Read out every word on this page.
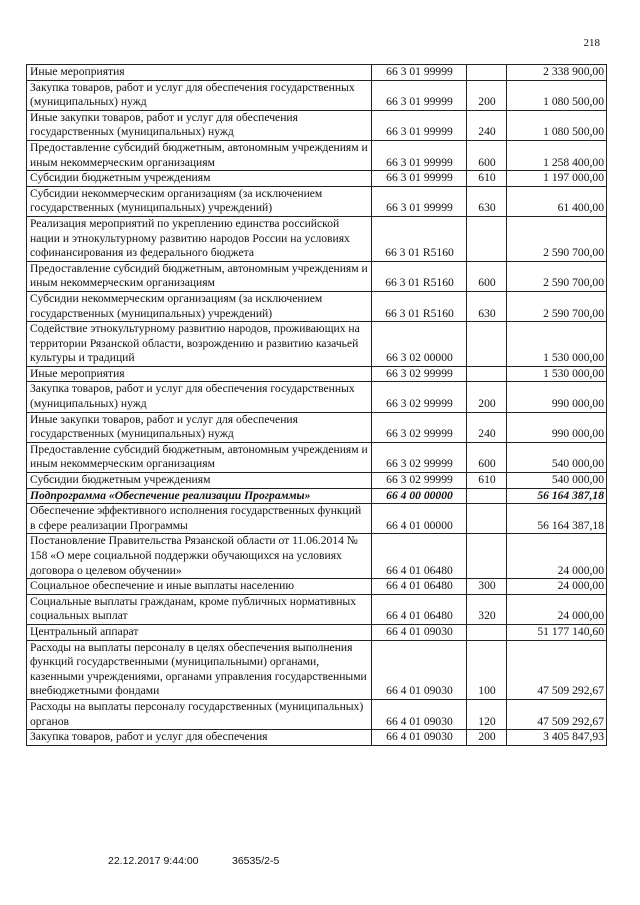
218
Иные мероприятия	66 3 01 99999		2 338 900,00
Закупка товаров, работ и услуг для обеспечения государственных (муниципальных) нужд	66 3 01 99999	200	1 080 500,00
Иные закупки товаров, работ и услуг для обеспечения государственных (муниципальных) нужд	66 3 01 99999	240	1 080 500,00
Предоставление субсидий бюджетным, автономным учреждениям и иным некоммерческим организациям	66 3 01 99999	600	1 258 400,00
Субсидии бюджетным учреждениям	66 3 01 99999	610	1 197 000,00
Субсидии некоммерческим организациям (за исключением государственных (муниципальных) учреждений)	66 3 01 99999	630	61 400,00
Реализация мероприятий по укреплению единства российской нации и этнокультурному развитию народов России на условиях софинансирования из федерального бюджета	66 3 01 R5160		2 590 700,00
Предоставление субсидий бюджетным, автономным учреждениям и иным некоммерческим организациям	66 3 01 R5160	600	2 590 700,00
Субсидии некоммерческим организациям (за исключением государственных (муниципальных) учреждений)	66 3 01 R5160	630	2 590 700,00
Содействие этнокультурному развитию народов, проживающих на территории Рязанской области, возрождению и развитию казачьей культуры и традиций	66 3 02 00000		1 530 000,00
Иные мероприятия	66 3 02 99999		1 530 000,00
Закупка товаров, работ и услуг для обеспечения государственных (муниципальных) нужд	66 3 02 99999	200	990 000,00
Иные закупки товаров, работ и услуг для обеспечения государственных (муниципальных) нужд	66 3 02 99999	240	990 000,00
Предоставление субсидий бюджетным, автономным учреждениям и иным некоммерческим организациям	66 3 02 99999	600	540 000,00
Субсидии бюджетным учреждениям	66 3 02 99999	610	540 000,00
Подпрограмма «Обеспечение реализации Программы»	66 4 00 00000		56 164 387,18
Обеспечение эффективного исполнения государственных функций в сфере реализации Программы	66 4 01 00000		56 164 387,18
Постановление Правительства Рязанской области от 11.06.2014 № 158 «О мере социальной поддержки обучающихся на условиях договора о целевом обучении»	66 4 01 06480		24 000,00
Социальное обеспечение и иные выплаты населению	66 4 01 06480	300	24 000,00
Социальные выплаты гражданам, кроме публичных нормативных социальных выплат	66 4 01 06480	320	24 000,00
Центральный аппарат	66 4 01 09030		51 177 140,60
Расходы на выплаты персоналу в целях обеспечения выполнения функций государственными (муниципальными) органами, казенными учреждениями, органами управления государственными внебюджетными фондами	66 4 01 09030	100	47 509 292,67
Расходы на выплаты персоналу государственных (муниципальных) органов	66 4 01 09030	120	47 509 292,67
Закупка товаров, работ и услуг для обеспечения	66 4 01 09030	200	3 405 847,93
22.12.2017 9:44:00	36535/2-5
